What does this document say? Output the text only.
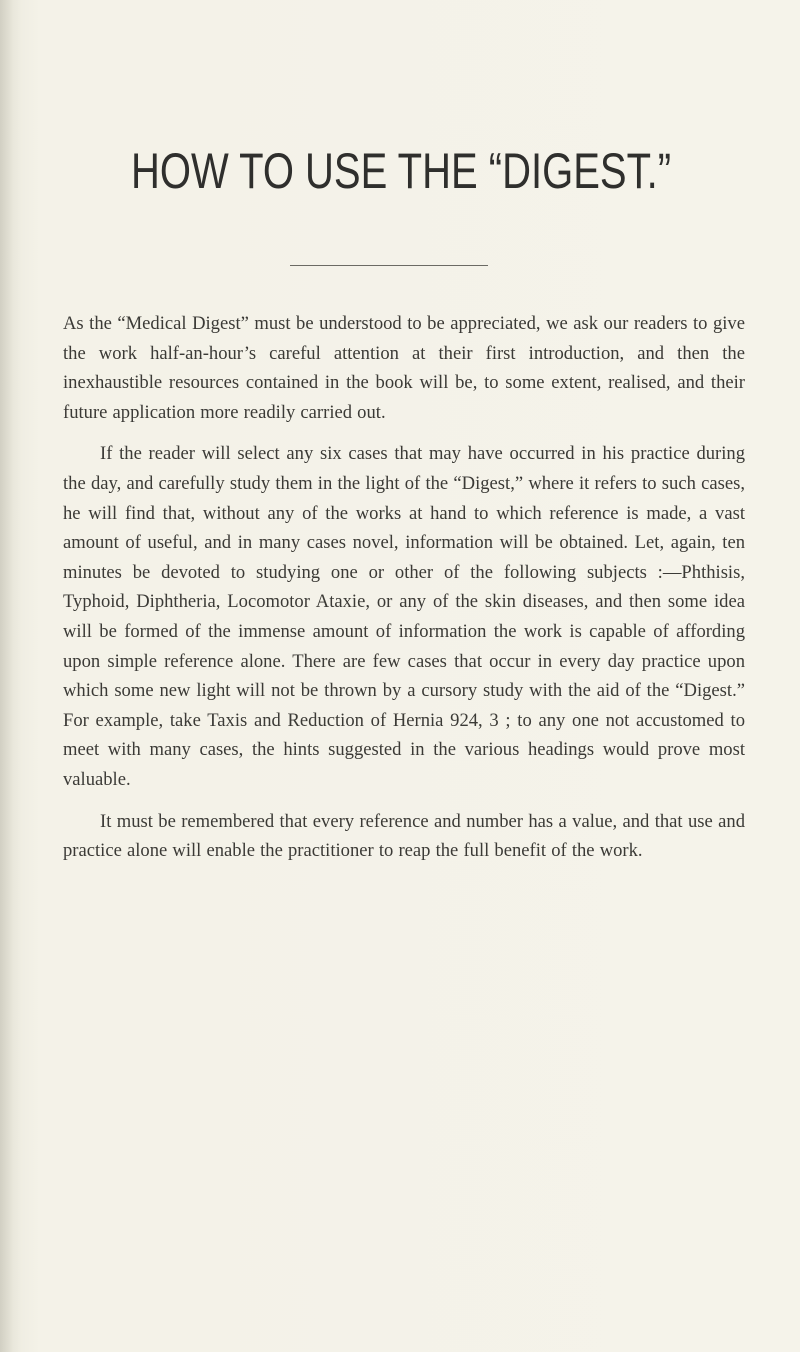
HOW TO USE THE “DIGEST.”

As the “Medical Digest” must be understood to be appreciated, we ask our readers to give the work half-an-hour’s careful attention at their first introduction, and then the inexhaustible resources contained in the book will be, to some extent, realised, and their future application more readily carried out.

If the reader will select any six cases that may have occurred in his practice during the day, and carefully study them in the light of the “Digest,” where it refers to such cases, he will find that, without any of the works at hand to which reference is made, a vast amount of useful, and in many cases novel, information will be obtained. Let, again, ten minutes be devoted to studying one or other of the following subjects :—Phthisis, Typhoid, Diphtheria, Locomotor Ataxie, or any of the skin diseases, and then some idea will be formed of the immense amount of information the work is capable of affording upon simple reference alone. There are few cases that occur in every day practice upon which some new light will not be thrown by a cursory study with the aid of the “Digest.” For example, take Taxis and Reduction of Hernia 924, 3 ; to any one not accustomed to meet with many cases, the hints suggested in the various headings would prove most valuable.

It must be remembered that every reference and number has a value, and that use and practice alone will enable the practitioner to reap the full benefit of the work.
